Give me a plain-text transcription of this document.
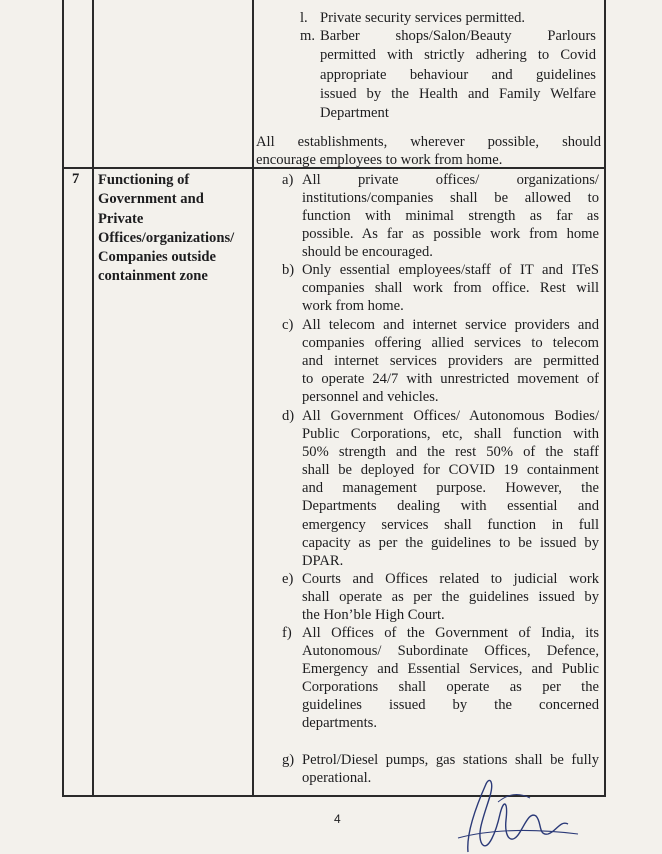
l. Private security services permitted.
m. Barber shops/Salon/Beauty Parlours
permitted with strictly adhering to Covid
appropriate behaviour and guidelines
issued by the Health and Family Welfare
Department
All establishments, wherever possible, should
encourage employees to work from home.
7 Functioning of
Government and
Private
Offices/organizations/
Companies outside
containment zone
a) All private offices/ organizations/
institutions/companies shall be allowed to
function with minimal strength as far as
possible. As far as possible work from home
should be encouraged.
b) Only essential employees/staff of IT and ITeS
companies shall work from office. Rest will
work from home.
c) All telecom and internet service providers and
companies offering allied services to telecom
and internet services providers are permitted
to operate 24/7 with unrestricted movement of
personnel and vehicles.
d) All Government Offices/ Autonomous Bodies/
Public Corporations, etc, shall function with
50% strength and the rest 50% of the staff
shall be deployed for COVID 19 containment
and management purpose. However, the
Departments dealing with essential and
emergency services shall function in full
capacity as per the guidelines to be issued by
DPAR.
e) Courts and Offices related to judicial work
shall operate as per the guidelines issued by
the Hon’ble High Court.
f) All Offices of the Government of India, its
Autonomous/ Subordinate Offices, Defence,
Emergency and Essential Services, and Public
Corporations shall operate as per the
guidelines issued by the concerned
departments.
g) Petrol/Diesel pumps, gas stations shall be fully
operational.
4
